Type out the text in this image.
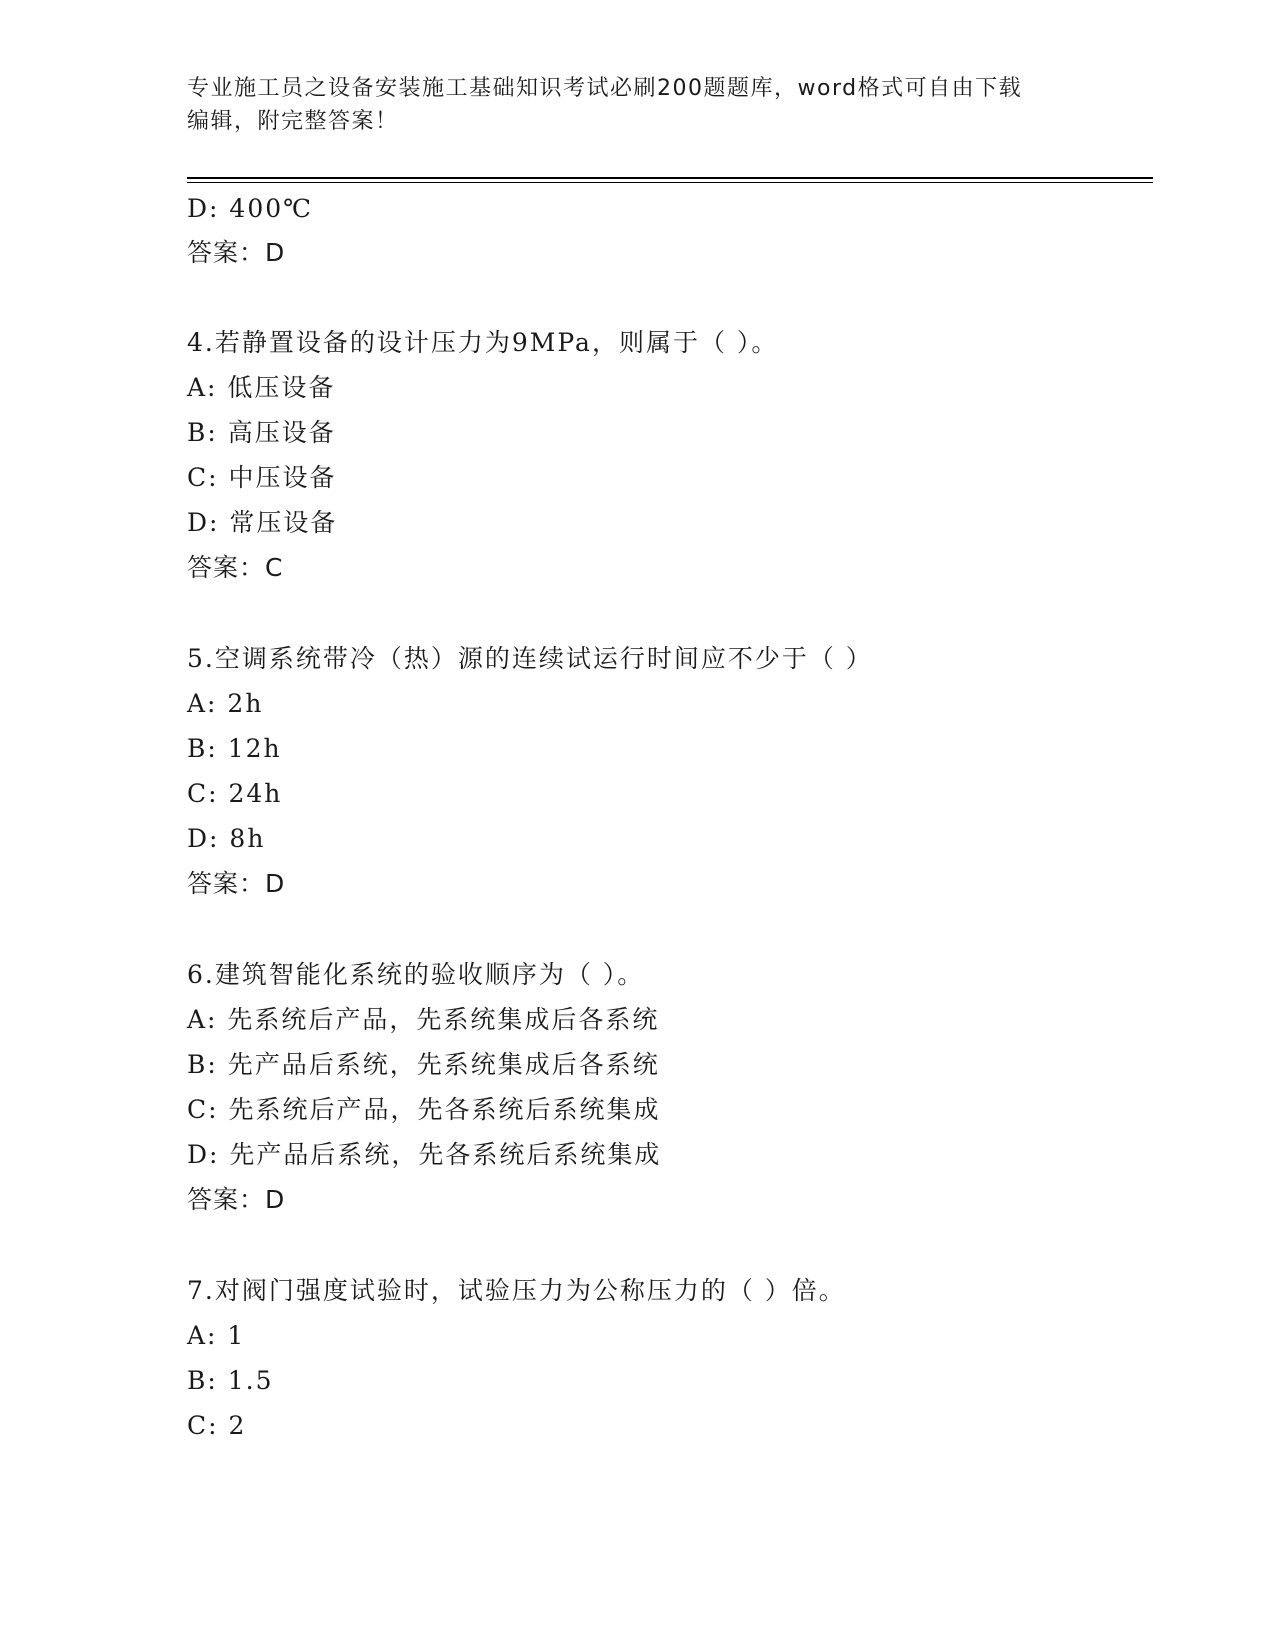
专业施工员之设备安装施工基础知识考试必刷200题题库，word格式可自由下载
编辑，附完整答案！
D: 400℃
答案：D
4.若静置设备的设计压力为9MPa，则属于（ ）。
A: 低压设备
B: 高压设备
C: 中压设备
D: 常压设备
答案：C
5.空调系统带冷（热）源的连续试运行时间应不少于（ ）
A: 2h
B: 12h
C: 24h
D: 8h
答案：D
6.建筑智能化系统的验收顺序为（ ）。
A: 先系统后产品，先系统集成后各系统
B: 先产品后系统，先系统集成后各系统
C: 先系统后产品，先各系统后系统集成
D: 先产品后系统，先各系统后系统集成
答案：D
7.对阀门强度试验时，试验压力为公称压力的（ ）倍。
A: 1
B: 1.5
C: 2
